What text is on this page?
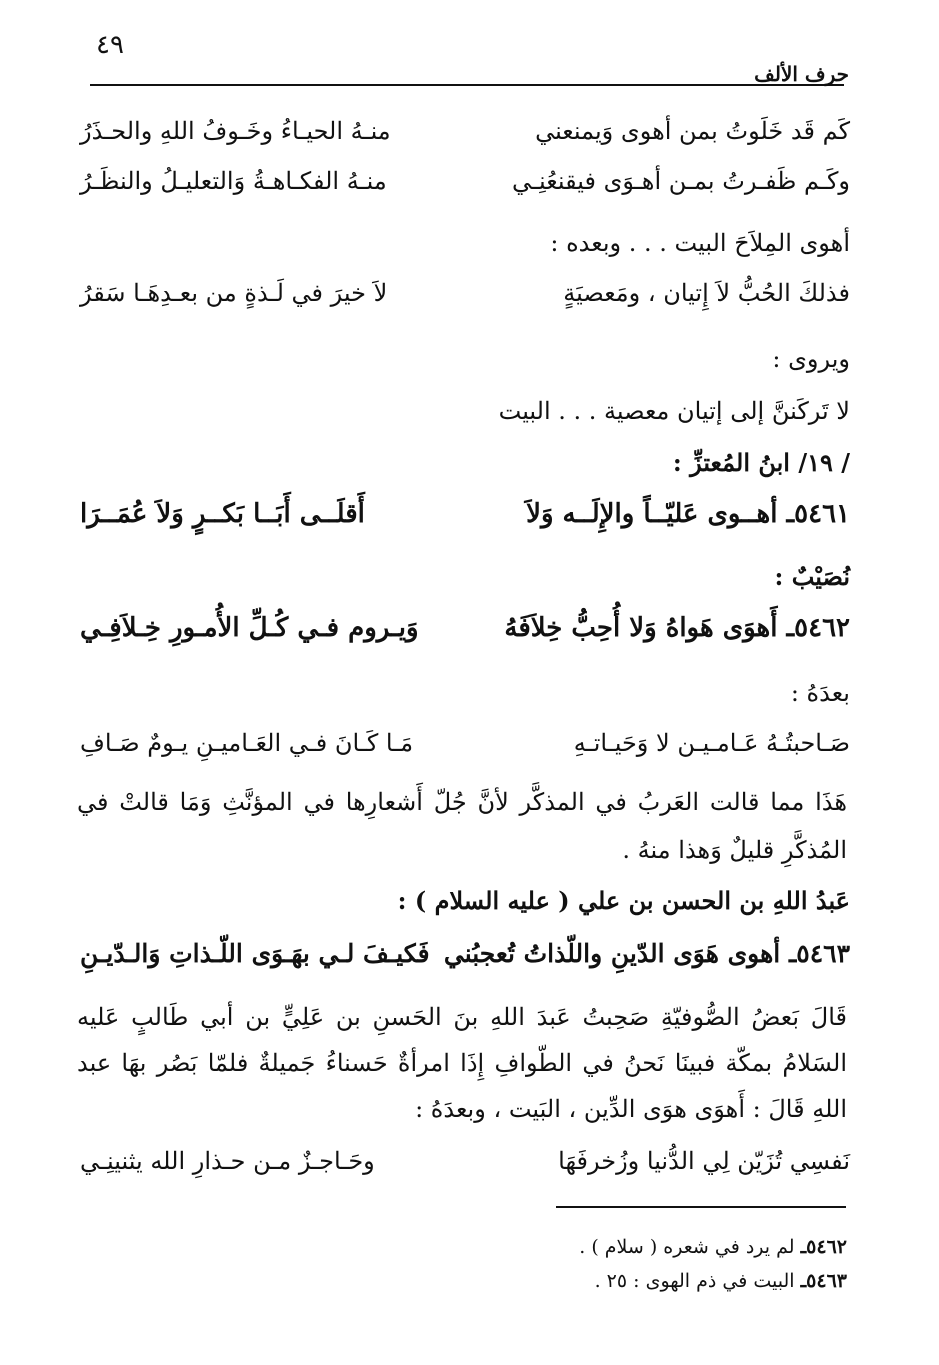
٤٩
حرف الألف
كَم قَد خَلَوتُ بمن أهوى وَيمنعني
منـهُ الحيـاءُ وخَـوفُ اللهِ والحـذَرُ
وكَـم ظَفـرتُ بمـن أهـوَى فيقنعُنِـي
منـهُ الفكـاهـةُ وَالتعليـلُ والنظَـرُ
أهوى المِلاَحَ البيت . . . وبعده :
فذلكَ الحُبُّ لاَ إِتيان ، ومَعصيَةٍ
لاَ خيرَ في لَـذةٍ من بعـدِهَـا سَقرُ
ويروى :
لا تَركَننَّ إلى إتيان معصية . . . البيت
/ ١٩/ ابنُ المُعتزِّ :
٥٤٦١ـ أهــوى عَليّــاً والإِلَــه وَلاَ
أَقلَــى أَبَــا بَكــرٍ وَلاَ عُمَــرَا
نُصَيْبٌ :
٥٤٦٢ـ أَهوَى هَواهُ وَلا أُحِبُّ خِلاَفَهُ
وَيـروم فـي كُـلِّ الأُمـورِ خِـلاَفِـي
بعدَهُ :
صَـاحبتُـهُ عَـامـيـن لا وَحَيـاتـهِ
مَـا كَـانَ فـي العَـاميـنِ يـومٌ صَـافِ
هَذَا مما قالت العَربُ في المذكَّر لأنَّ جُلّ أَشعارِها في المؤنَّثِ وَمَا قالتْ في المُذكَّرِ قليلٌ وَهذا منهُ .
عَبدُ اللهِ بن الحسن بن علي ( عليه السلام ) :
٥٤٦٣ـ أهوى هَوَى الدّينِ واللّذاتُ تُعجبُني
فَكيـفَ لـي بهَـوَى اللّـذاتِ وَالـدّيـنِ
قَالَ بَعضُ الصُّوفيّةِ صَحِبتُ عَبدَ اللهِ بنَ الحَسنِ بن عَلِيٍّ بن أبي طَالبٍ عَليه السَلامُ بمكّة فبينَا نَحنُ في الطّوافِ إِذَا امرأةٌ حَسناءُ جَميلةٌ فلمّا بَصُر بهَا عبد اللهِ قَالَ : أَهوَى هوَى الدِّين ، البَيت ، وبعدَهُ :
نَفسِي تُزَيّن لِي الدُّنيا وزُخرفَهَا
وحَـاجـزٌ مـن حـذارِ الله يثنينِـي
٥٤٦٢ـ لم يرد في شعره ( سلام ) .
٥٤٦٣ـ البيت في ذم الهوى : ٢٥ .
